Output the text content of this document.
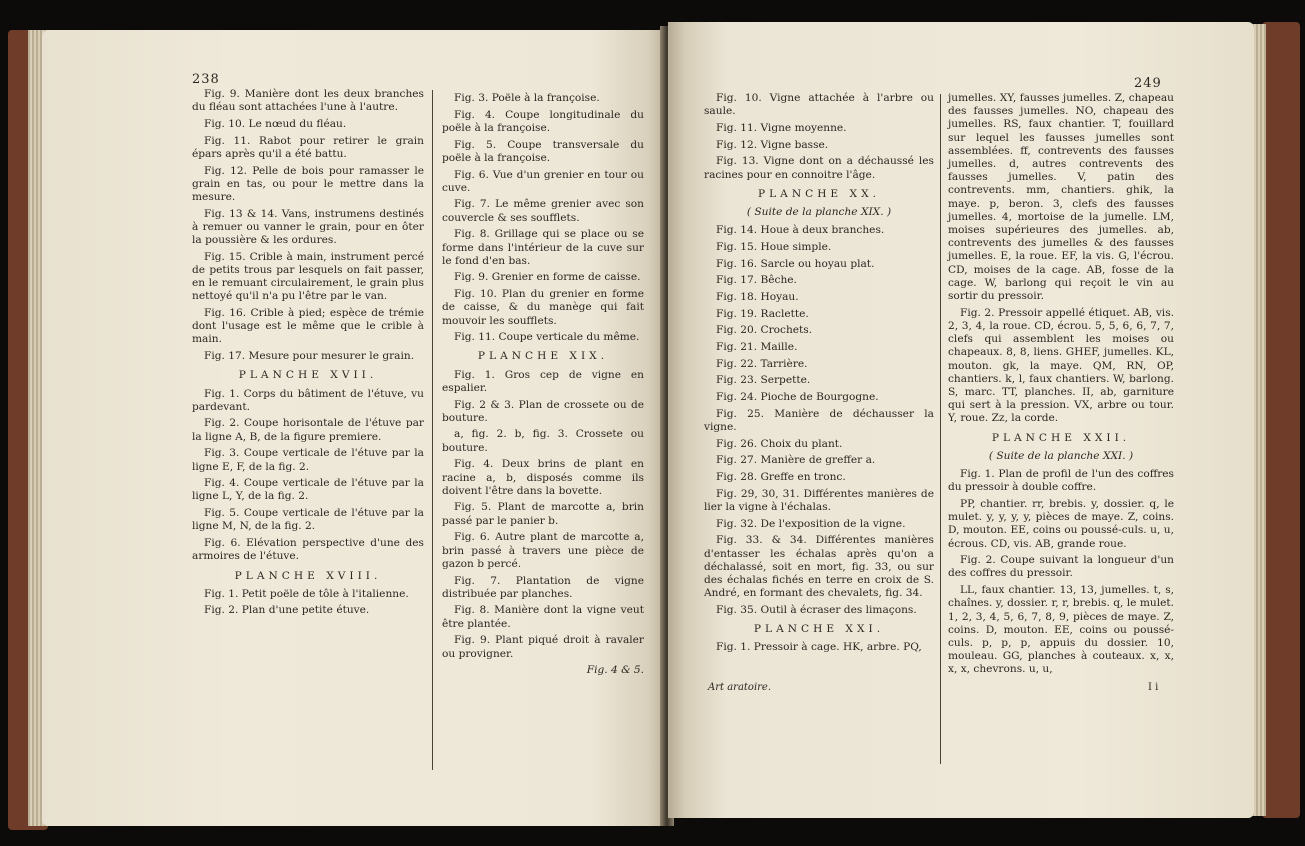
238

Fig. 9. Manière dont les deux branches du fléau sont attachées l'une à l'autre.

Fig. 10. Le nœud du fléau.

Fig. 11. Rabot pour retirer le grain épars après qu'il a été battu.

Fig. 12. Pelle de bois pour ramasser le grain en tas, ou pour le mettre dans la mesure.

Fig. 13 & 14. Vans, instrumens destinés à remuer ou vanner le grain, pour en ôter la poussière & les ordures.

Fig. 15. Crible à main, instrument percé de petits trous par lesquels on fait passer, en le remuant circulairement, le grain plus nettoyé qu'il n'a pu l'être par le van.

Fig. 16. Crible à pied; espèce de trémie dont l'usage est le même que le crible à main.

Fig. 17. Mesure pour mesurer le grain.

PLANCHE XVII.

Fig. 1. Corps du bâtiment de l'étuve, vu pardevant.

Fig. 2. Coupe horisontale de l'étuve par la ligne A, B, de la figure premiere.

Fig. 3. Coupe verticale de l'étuve par la ligne E, F, de la fig. 2.

Fig. 4. Coupe verticale de l'étuve par la ligne L, Y, de la fig. 2.

Fig. 5. Coupe verticale de l'étuve par la ligne M, N, de la fig. 2.

Fig. 6. Elévation perspective d'une des armoires de l'étuve.

PLANCHE XVIII.

Fig. 1. Petit poële de tôle à l'italienne.

Fig. 2. Plan d'une petite étuve.

Fig. 3. Poële à la françoise.

Fig. 4. Coupe longitudinale du poële à la françoise.

Fig. 5. Coupe transversale du poële à la françoise.

Fig. 6. Vue d'un grenier en tour ou cuve.

Fig. 7. Le même grenier avec son couvercle & ses soufflets.

Fig. 8. Grillage qui se place ou se forme dans l'intérieur de la cuve sur le fond d'en bas.

Fig. 9. Grenier en forme de caisse.

Fig. 10. Plan du grenier en forme de caisse, & du manège qui fait mouvoir les soufflets.

Fig. 11. Coupe verticale du même.

PLANCHE XIX.

Fig. 1. Gros cep de vigne en espalier.

Fig. 2 & 3. Plan de crossete ou de bouture.

a, fig. 2. b, fig. 3. Crossete ou bouture.

Fig. 4. Deux brins de plant en racine a, b, disposés comme ils doivent l'être dans la bovette.

Fig. 5. Plant de marcotte a, brin passé par le panier b.

Fig. 6. Autre plant de marcotte a, brin passé à travers une pièce de gazon b percé.

Fig. 7. Plantation de vigne distribuée par planches.

Fig. 8. Manière dont la vigne veut être plantée.

Fig. 9. Plant piqué droit à ravaler ou provigner.

Fig. 4 & 5.

249

Fig. 10. Vigne attachée à l'arbre ou saule.

Fig. 11. Vigne moyenne.

Fig. 12. Vigne basse.

Fig. 13. Vigne dont on a déchaussé les racines pour en connoitre l'âge.

PLANCHE XX.

( Suite de la planche XIX. )

Fig. 14. Houe à deux branches.

Fig. 15. Houe simple.

Fig. 16. Sarcle ou hoyau plat.

Fig. 17. Bêche.

Fig. 18. Hoyau.

Fig. 19. Raclette.

Fig. 20. Crochets.

Fig. 21. Maille.

Fig. 22. Tarrière.

Fig. 23. Serpette.

Fig. 24. Pioche de Bourgogne.

Fig. 25. Manière de déchausser la vigne.

Fig. 26. Choix du plant.

Fig. 27. Manière de greffer a.

Fig. 28. Greffe en tronc.

Fig. 29, 30, 31. Différentes manières de lier la vigne à l'échalas.

Fig. 32. De l'exposition de la vigne.

Fig. 33. & 34. Différentes manières d'entasser les échalas après qu'on a déchalassé, soit en mort, fig. 33, ou sur des échalas fichés en terre en croix de S. André, en formant des chevalets, fig. 34.

Fig. 35. Outil à écraser des limaçons.

PLANCHE XXI.

Fig. 1. Pressoir à cage. HK, arbre. PQ,

jumelles. XY, fausses jumelles. Z, chapeau des fausses jumelles. NO, chapeau des jumelles. RS, faux chantier. T, fouillard sur lequel les fausses jumelles sont assemblées. ff, contrevents des fausses jumelles. d, autres contrevents des fausses jumelles. V, patin des contrevents. mm, chantiers. ghik, la maye. p, beron. 3, clefs des fausses jumelles. 4, mortoise de la jumelle. LM, moises supérieures des jumelles. ab, contrevents des jumelles & des fausses jumelles. E, la roue. EF, la vis. G, l'écrou. CD, moises de la cage. AB, fosse de la cage. W, barlong qui reçoit le vin au sortir du pressoir.

Fig. 2. Pressoir appellé étiquet. AB, vis. 2, 3, 4, la roue. CD, écrou. 5, 5, 6, 6, 7, 7, clefs qui assemblent les moises ou chapeaux. 8, 8, liens. GHEF, jumelles. KL, mouton. gk, la maye. QM, RN, OP, chantiers. k, l, faux chantiers. W, barlong. S, marc. TT, planches. II, ab, garniture qui sert à la pression. VX, arbre ou tour. Y, roue. Zz, la corde.

PLANCHE XXII.

( Suite de la planche XXI. )

Fig. 1. Plan de profil de l'un des coffres du pressoir à double coffre.

PP, chantier. rr, brebis. y, dossier. q, le mulet. y, y, y, y, pièces de maye. Z, coins. D, mouton. EE, coins ou poussé-culs. u, u, écrous. CD, vis. AB, grande roue.

Fig. 2. Coupe suivant la longueur d'un des coffres du pressoir.

LL, faux chantier. 13, 13, jumelles. t, s, chaînes. y, dossier. r, r, brebis. q, le mulet. 1, 2, 3, 4, 5, 6, 7, 8, 9, pièces de maye. Z, coins. D, mouton. EE, coins ou poussé-culs. p, p, p, appuis du dossier. 10, mouleau. GG, planches à couteaux. x, x, x, x, chevrons. u, u,

Art aratoire.	I i
